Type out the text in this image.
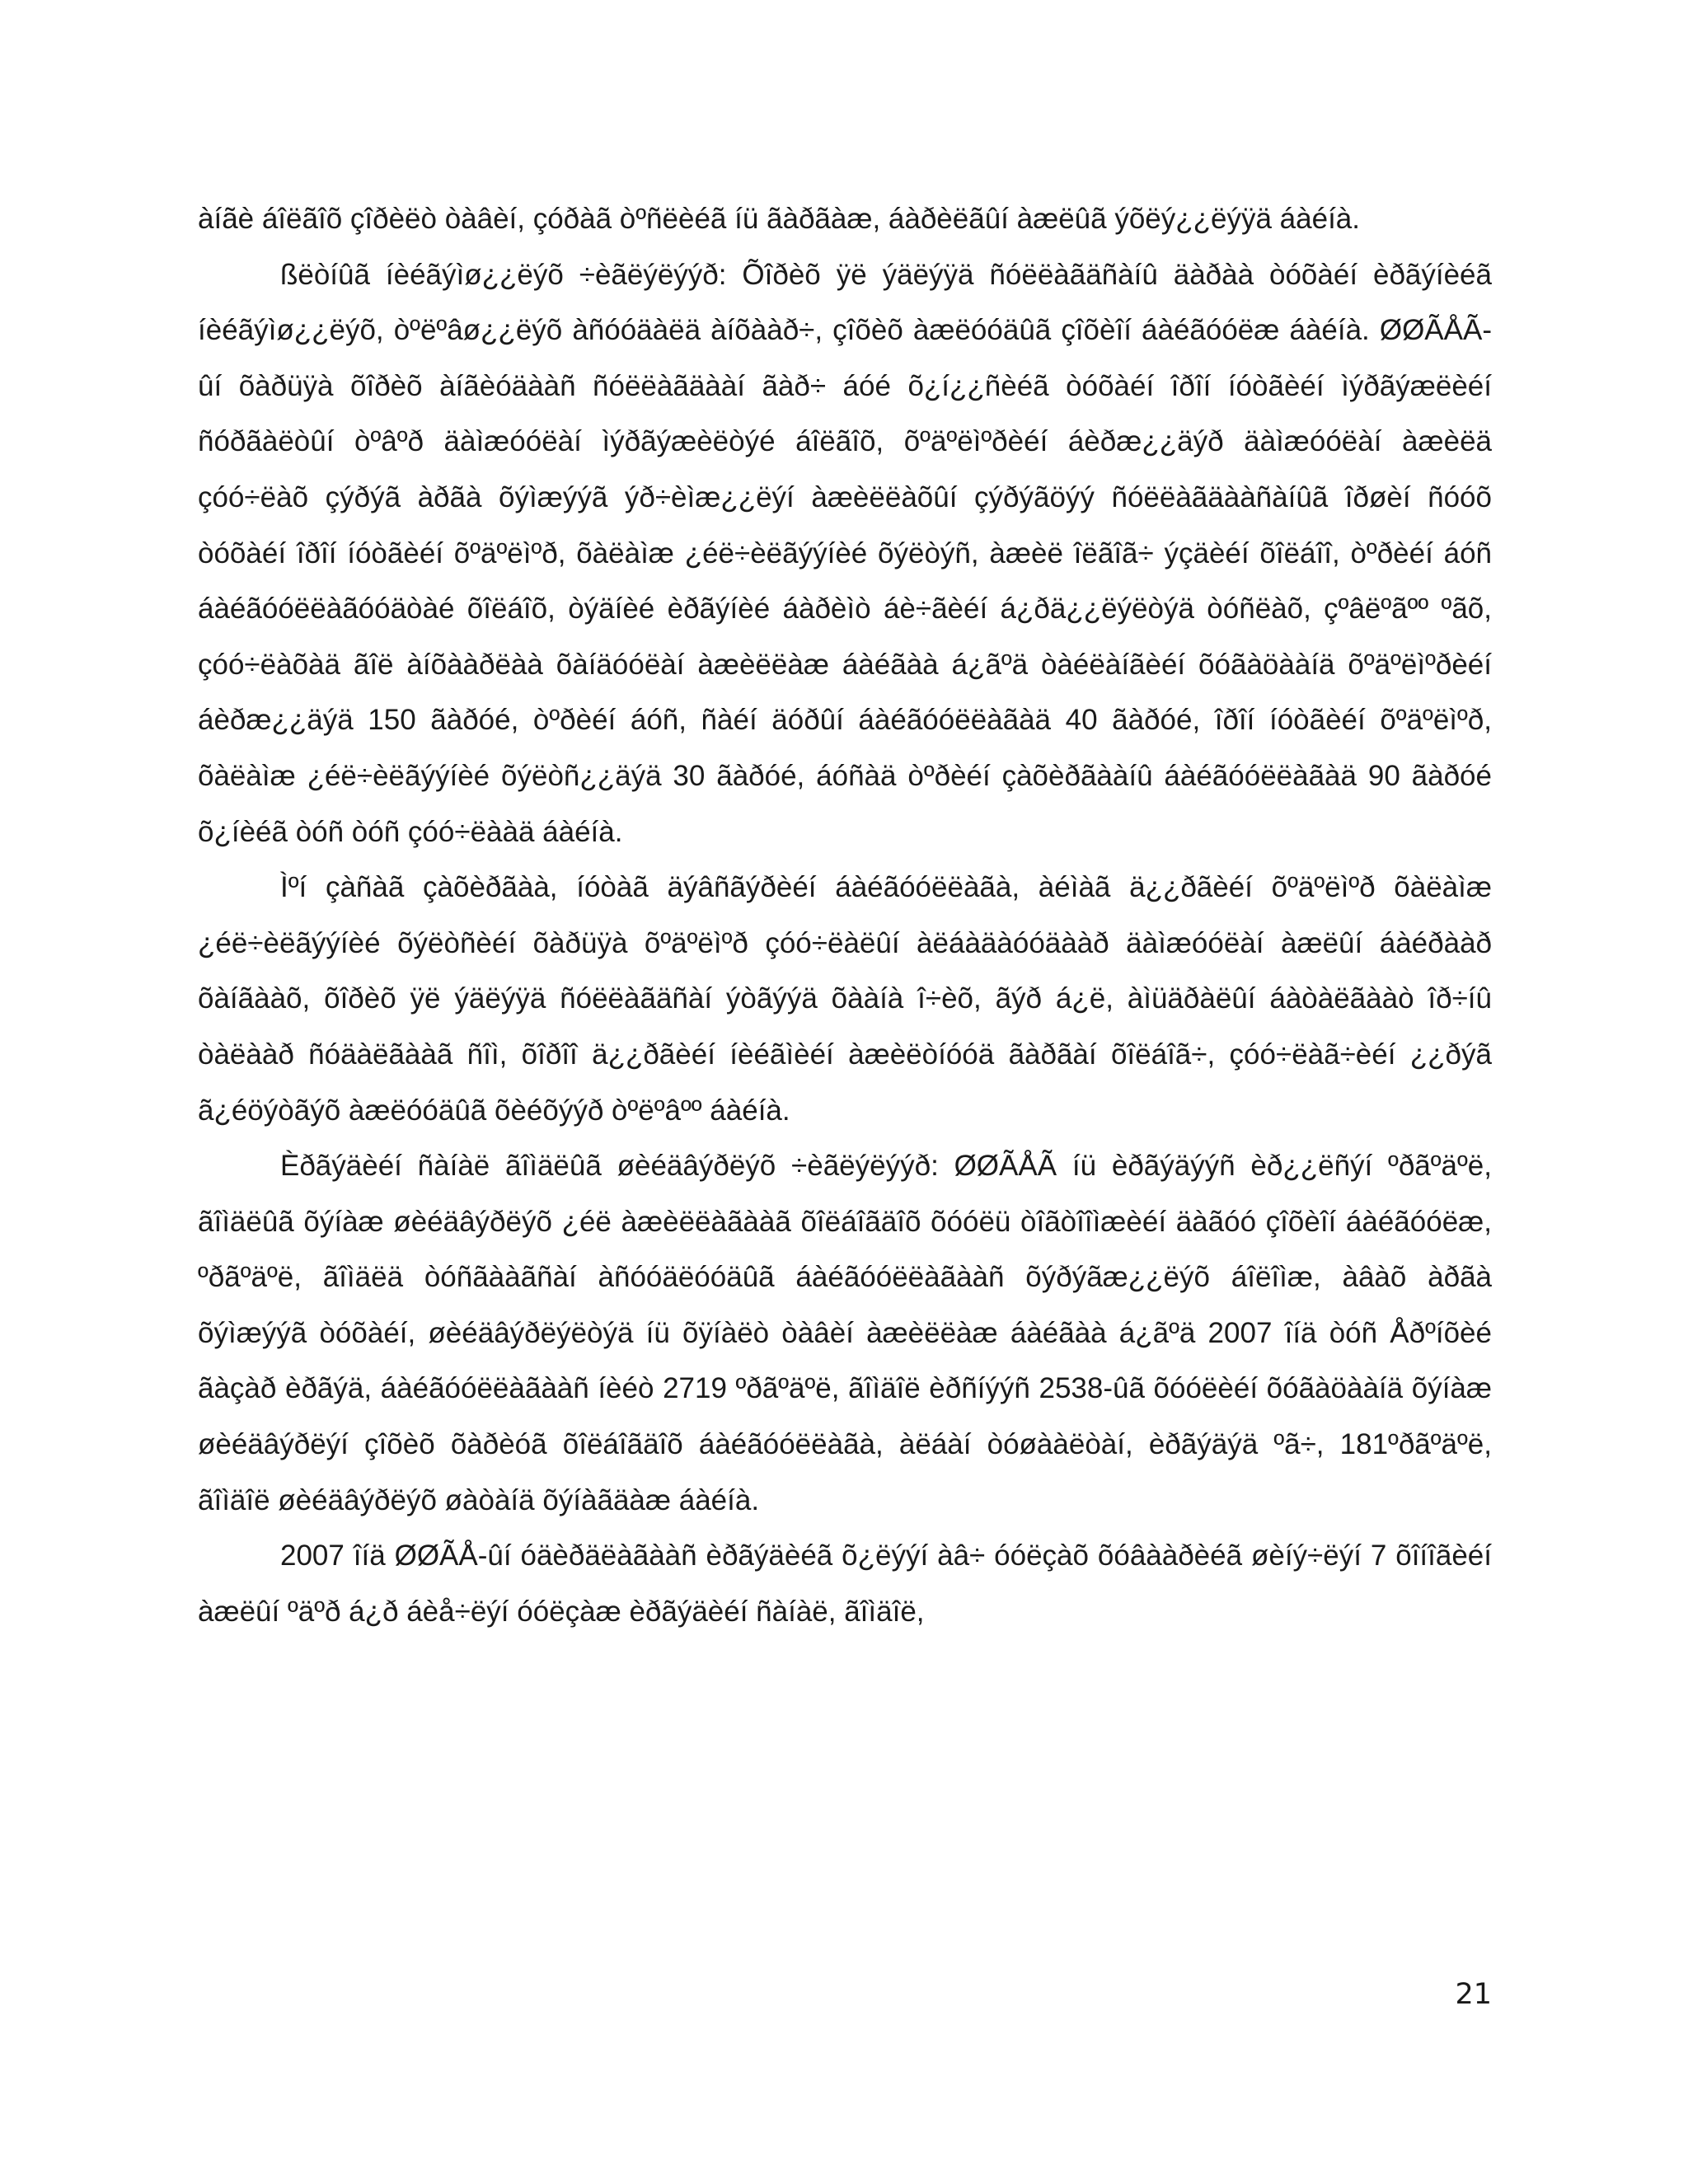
àíãè áîëãîõ çîðèëò òàâèí, çóðàã òºñëèéã íü ãàðãàæ, áàðèëãûí àæëûã ýõëý¿¿ëýÿä áàéíà.

ßëòíûã íèéãýìø¿¿ëýõ ÷èãëýëýýð: Õîðèõ ÿë ýäëýÿä ñóëëàãäñàíû äàðàà òóõàéí èðãýíèéã íèéãýìø¿¿ëýõ, òºëºâø¿¿ëýõ àñóóäàëä àíõààð÷, çîõèõ àæëóóäûã çîõèîí áàéãóóëæ áàéíà. ØØÃÅÃ-ûí õàðüÿà õîðèõ àíãèóäààñ ñóëëàãäààí ãàð÷ áóé õ¿í¿¿ñèéã òóõàéí îðîí íóòãèéí ìýðãýæëèéí ñóðãàëòûí òºâºð äàìæóóëàí ìýðãýæèëòýé áîëãîõ, õºäºëìºðèéí áèðæ¿¿äýð äàìæóóëàí àæèëä çóó÷ëàõ çýðýã àðãà õýìæýýã ýð÷èìæ¿¿ëýí àæèëëàõûí çýðýãöýý ñóëëàãäààñàíûã îðøèí ñóóõ òóõàéí îðîí íóòãèéí õºäºëìºð, õàëàìæ ¿éë÷èëãýýíèé õýëòýñ, àæèë îëãîã÷ ýçäèéí õîëáîî, òºðèéí áóñ áàéãóóëëàãóóäòàé õîëáîõ, òýäíèé èðãýíèé áàðèìò áè÷ãèéí á¿ðä¿¿ëýëòýä òóñëàõ, çºâëºãºº ºãõ, çóó÷ëàõàä ãîë àíõààðëàà õàíäóóëàí àæèëëàæ áàéãàà á¿ãºä òàéëàíãèéí õóãàöààíä õºäºëìºðèéí áèðæ¿¿äýä 150 ãàðóé, òºðèéí áóñ, ñàéí äóðûí áàéãóóëëàãàä 40 ãàðóé, îðîí íóòãèéí õºäºëìºð, õàëàìæ ¿éë÷èëãýýíèé õýëòñ¿¿äýä 30 ãàðóé, áóñàä òºðèéí çàõèðãààíû áàéãóóëëàãàä 90 ãàðóé õ¿íèéã òóñ òóñ çóó÷ëààä áàéíà.

Ìºí çàñàã çàõèðãàà, íóòàã äýâñãýðèéí áàéãóóëëàãà, àéìàã ä¿¿ðãèéí õºäºëìºð õàëàìæ ¿éë÷èëãýýíèé õýëòñèéí õàðüÿà õºäºëìºð çóó÷ëàëûí àëáàäàóóäààð äàìæóóëàí àæëûí áàéðààð õàíãààõ, õîðèõ ÿë ýäëýÿä ñóëëàãäñàí ýòãýýä õààíà î÷èõ, ãýð á¿ë, àìüäðàëûí áàòàëãààò îð÷íû òàëààð ñóäàëãààã ñîì, õîðîî ä¿¿ðãèéí íèéãìèéí àæèëòíóóä ãàðãàí õîëáîã÷, çóó÷ëàã÷èéí ¿¿ðýã ã¿éöýòãýõ àæëóóäûã õèéõýýð òºëºâºº áàéíà.

Èðãýäèéí ñàíàë ãîìäëûã øèéäâýðëýõ ÷èãëýëýýð: ØØÃÅÃ íü èðãýäýýñ èð¿¿ëñýí ºðãºäºë, ãîìäëûã õýíàæ øèéäâýðëýõ ¿éë àæèëëàãààã õîëáîãäîõ õóóëü òîãòîîìæèéí äàãóó çîõèîí áàéãóóëæ, ºðãºäºë, ãîìäëä òóñãààãñàí àñóóäëóóäûã áàéãóóëëàãààñ õýðýãæ¿¿ëýõ áîëîìæ, àâàõ àðãà õýìæýýã òóõàéí, øèéäâýðëýëòýä íü õÿíàëò òàâèí àæèëëàæ áàéãàà á¿ãºä 2007 îíä òóñ Åðºíõèé ãàçàð èðãýä, áàéãóóëëàãààñ íèéò 2719 ºðãºäºë, ãîìäîë èðñíýýñ 2538-ûã õóóëèéí õóãàöààíä õýíàæ øèéäâýðëýí çîõèõ õàðèóã õîëáîãäîõ áàéãóóëëàãà, àëáàí òóøààëòàí, èðãýäýä ºã÷, 181ºðãºäºë, ãîìäîë øèéäâýðëýõ øàòàíä õýíàãäàæ áàéíà.

2007 îíä ØØÃÅ-ûí óäèðäëàãààñ èðãýäèéã õ¿ëýýí àâ÷ óóëçàõ õóâààðèéã øèíý÷ëýí 7 õîíîãèéí àæëûí ºäºð á¿ð áèå÷ëýí óóëçàæ èðãýäèéí ñàíàë, ãîìäîë,

21
